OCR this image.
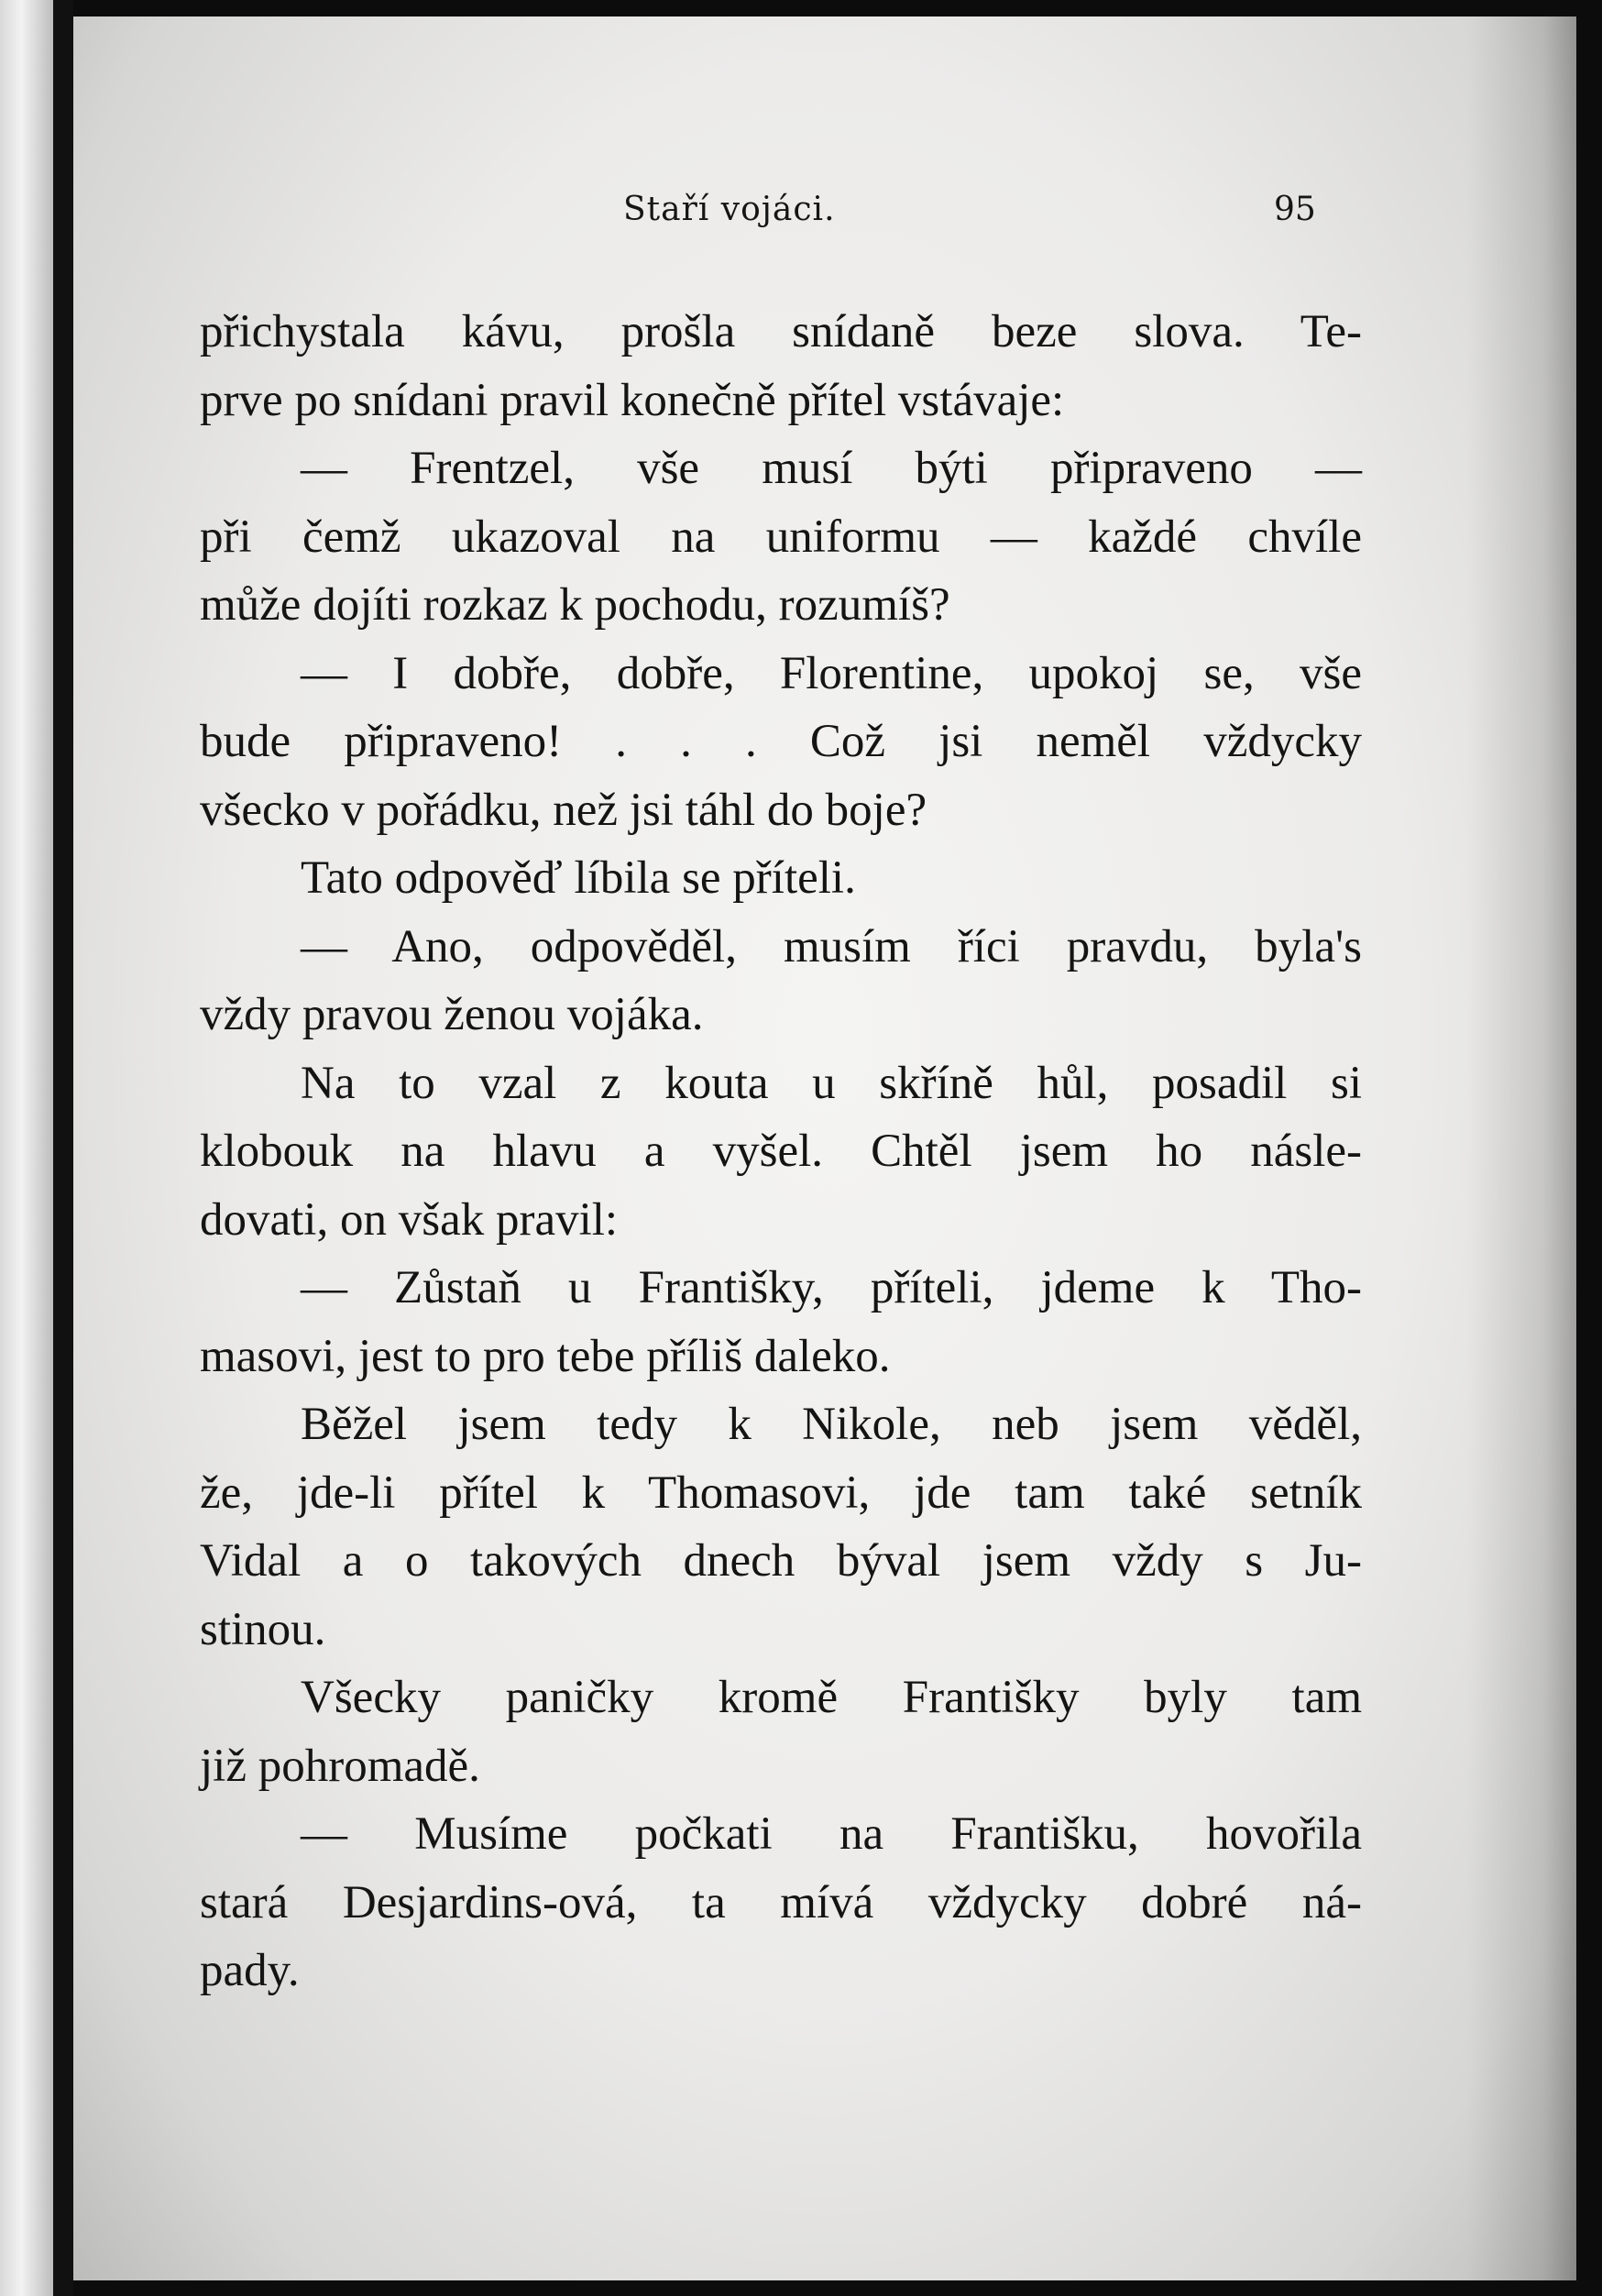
Staří vojáci.	95
přichystala kávu, prošla snídaně beze slova. Te-
prve po snídani pravil konečně přítel vstávaje:
— Frentzel, vše musí býti připraveno —
při čemž ukazoval na uniformu — každé chvíle
může dojíti rozkaz k pochodu, rozumíš?
— I dobře, dobře, Florentine, upokoj se, vše
bude připraveno! . . . Což jsi neměl vždycky
všecko v pořádku, než jsi táhl do boje?
Tato odpověď líbila se příteli.
— Ano, odpověděl, musím říci pravdu, byla's
vždy pravou ženou vojáka.
Na to vzal z kouta u skříně hůl, posadil si
klobouk na hlavu a vyšel. Chtěl jsem ho násle-
dovati, on však pravil:
— Zůstaň u Františky, příteli, jdeme k Tho-
masovi, jest to pro tebe příliš daleko.
Běžel jsem tedy k Nikole, neb jsem věděl,
že, jde-li přítel k Thomasovi, jde tam také setník
Vidal a o takových dnech býval jsem vždy s Ju-
stinou.
Všecky paničky kromě Františky byly tam
již pohromadě.
— Musíme počkati na Františku, hovořila
stará Desjardins-ová, ta mívá vždycky dobré ná-
pady.
